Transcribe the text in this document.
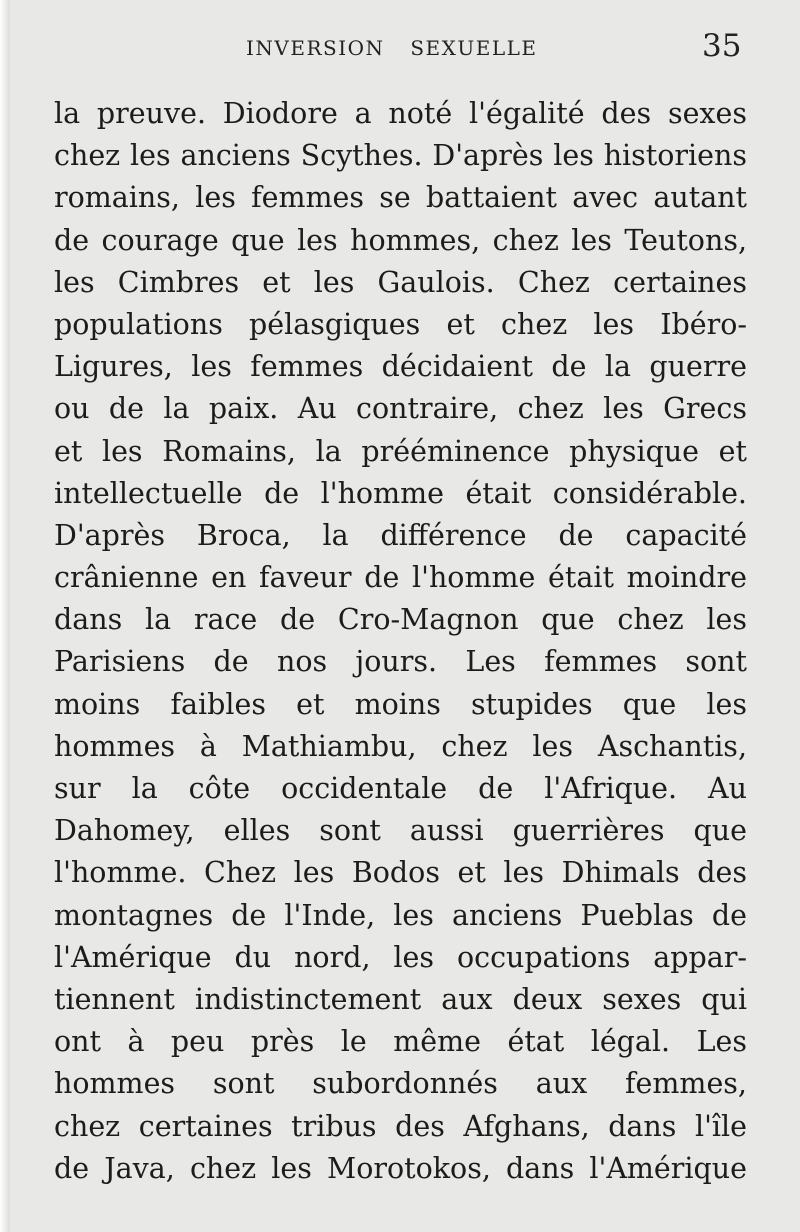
INVERSION SEXUELLE	35
la preuve. Diodore a noté l'égalité des sexes
chez les anciens Scythes. D'après les historiens
romains, les femmes se battaient avec autant
de courage que les hommes, chez les Teutons,
les Cimbres et les Gaulois. Chez certaines
populations pélasgiques et chez les Ibéro-
Ligures, les femmes décidaient de la guerre
ou de la paix. Au contraire, chez les Grecs
et les Romains, la prééminence physique et
intellectuelle de l'homme était considérable.
D'après Broca, la différence de capacité
crânienne en faveur de l'homme était moindre
dans la race de Cro-Magnon que chez les
Parisiens de nos jours. Les femmes sont
moins faibles et moins stupides que les
hommes à Mathiambu, chez les Aschantis,
sur la côte occidentale de l'Afrique. Au
Dahomey, elles sont aussi guerrières que
l'homme. Chez les Bodos et les Dhimals des
montagnes de l'Inde, les anciens Pueblas de
l'Amérique du nord, les occupations appar-
tiennent indistinctement aux deux sexes qui
ont à peu près le même état légal. Les
hommes sont subordonnés aux femmes,
chez certaines tribus des Afghans, dans l'île
de Java, chez les Morotokos, dans l'Amérique
